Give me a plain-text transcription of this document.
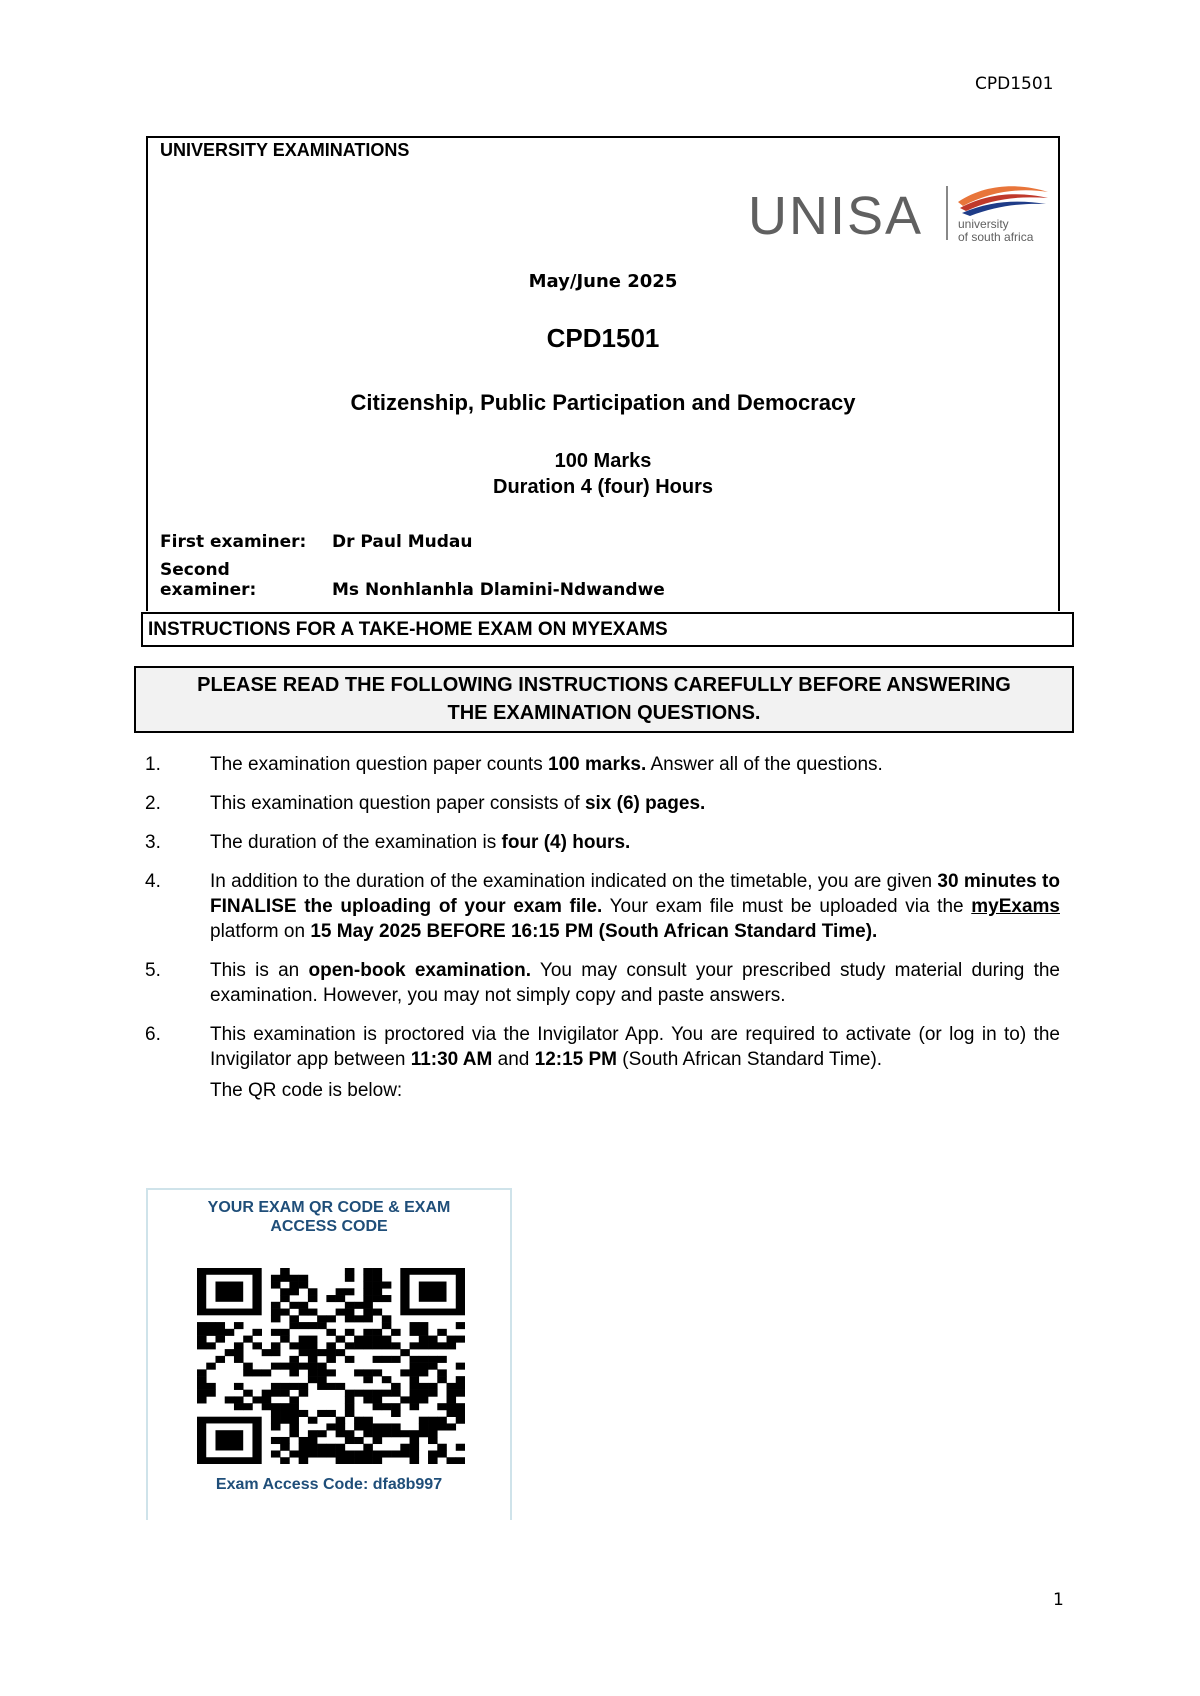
CPD1501
UNIVERSITY EXAMINATIONS
UNISA	university
of south africa
May/June 2025
CPD1501
Citizenship, Public Participation and Democracy
100 Marks
Duration 4 (four) Hours
First examiner: Dr Paul Mudau
Second examiner:	Ms Nonhlanhla Dlamini-Ndwandwe
INSTRUCTIONS FOR A TAKE-HOME EXAM ON MYEXAMS
PLEASE READ THE FOLLOWING INSTRUCTIONS CAREFULLY BEFORE ANSWERING
THE EXAMINATION QUESTIONS.
1.	The examination question paper counts 100 marks. Answer all of the questions.
2.	This examination question paper consists of six (6) pages.
3.	The duration of the examination is four (4) hours.
4.	In addition to the duration of the examination indicated on the timetable, you are given 30 minutes to FINALISE the uploading of your exam file. Your exam file must be uploaded via the myExams platform on 15 May 2025 BEFORE 16:15 PM (South African Standard Time).
5.	This is an open-book examination. You may consult your prescribed study material during the examination. However, you may not simply copy and paste answers.
6.	This examination is proctored via the Invigilator App. You are required to activate (or log in to) the Invigilator app between 11:30 AM and 12:15 PM (South African Standard Time).
The QR code is below:
YOUR EXAM QR CODE & EXAM
ACCESS CODE
Exam Access Code: dfa8b997
1
